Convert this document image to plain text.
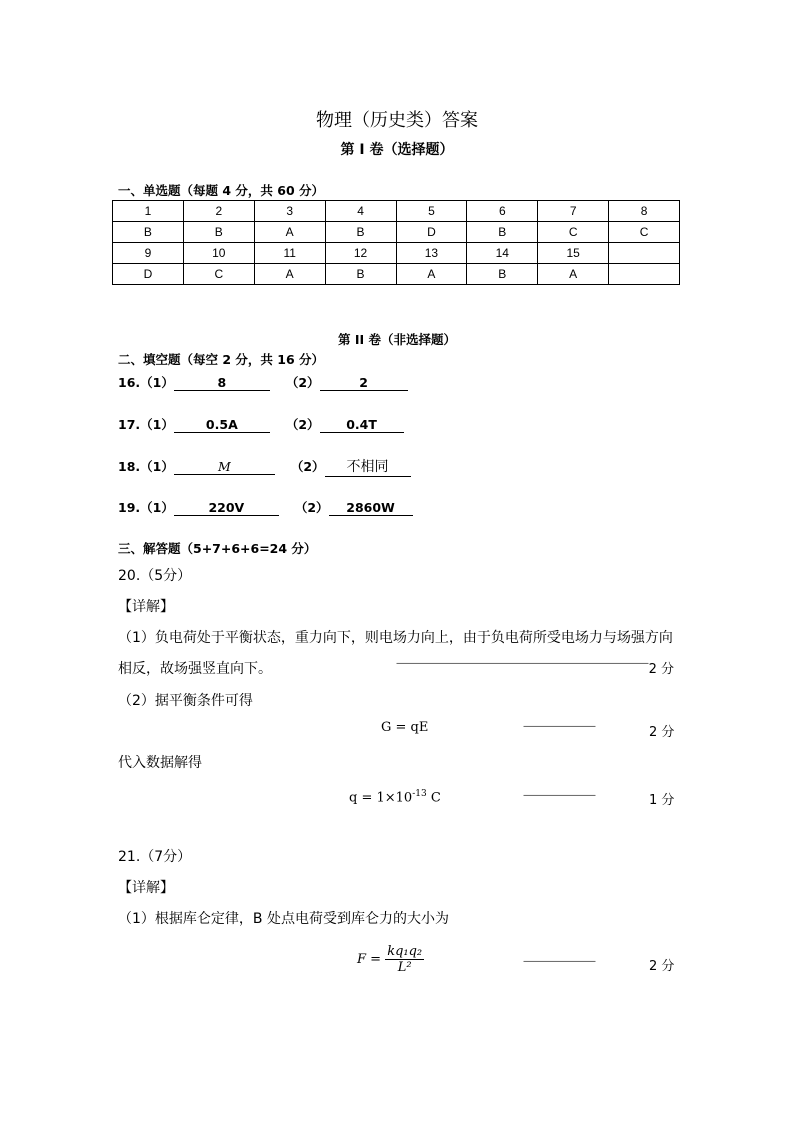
物理（历史类）答案
第 I 卷（选择题）
一、单选题（每题 4 分，共 60 分）
1	2	3	4	5	6	7	8
B	B	A	B	D	B	C	C
9	10	11	12	13	14	15	
D	C	A	B	A	B	A	
第 II 卷（非选择题）
二、填空题（每空 2 分，共 16 分）
16.（1）	8	（2）	2
17.（1）	0.5A	（2） 0.4T
18.（1）	M	（2） 不相同
19.（1）	220V	（2） 2860W
三、解答题（5+7+6+6=24 分）
20.（5分）
【详解】
（1）负电荷处于平衡状态，重力向下，则电场力向上，由于负电荷所受电场力与场强方向
相反，故场强竖直向下。	———————————————————————————— 2 分
（2）据平衡条件可得
G = qE	————————	2 分
代入数据解得
$q = 1\times 10^{-13}$ C	————————	1 分
21.（7分）
【详解】
（1）根据库仑定律，B 处点电荷受到库仑力的大小为
$F = \frac{\text{kq₁q₂}}{\text{L²}}$	————————	2 分
